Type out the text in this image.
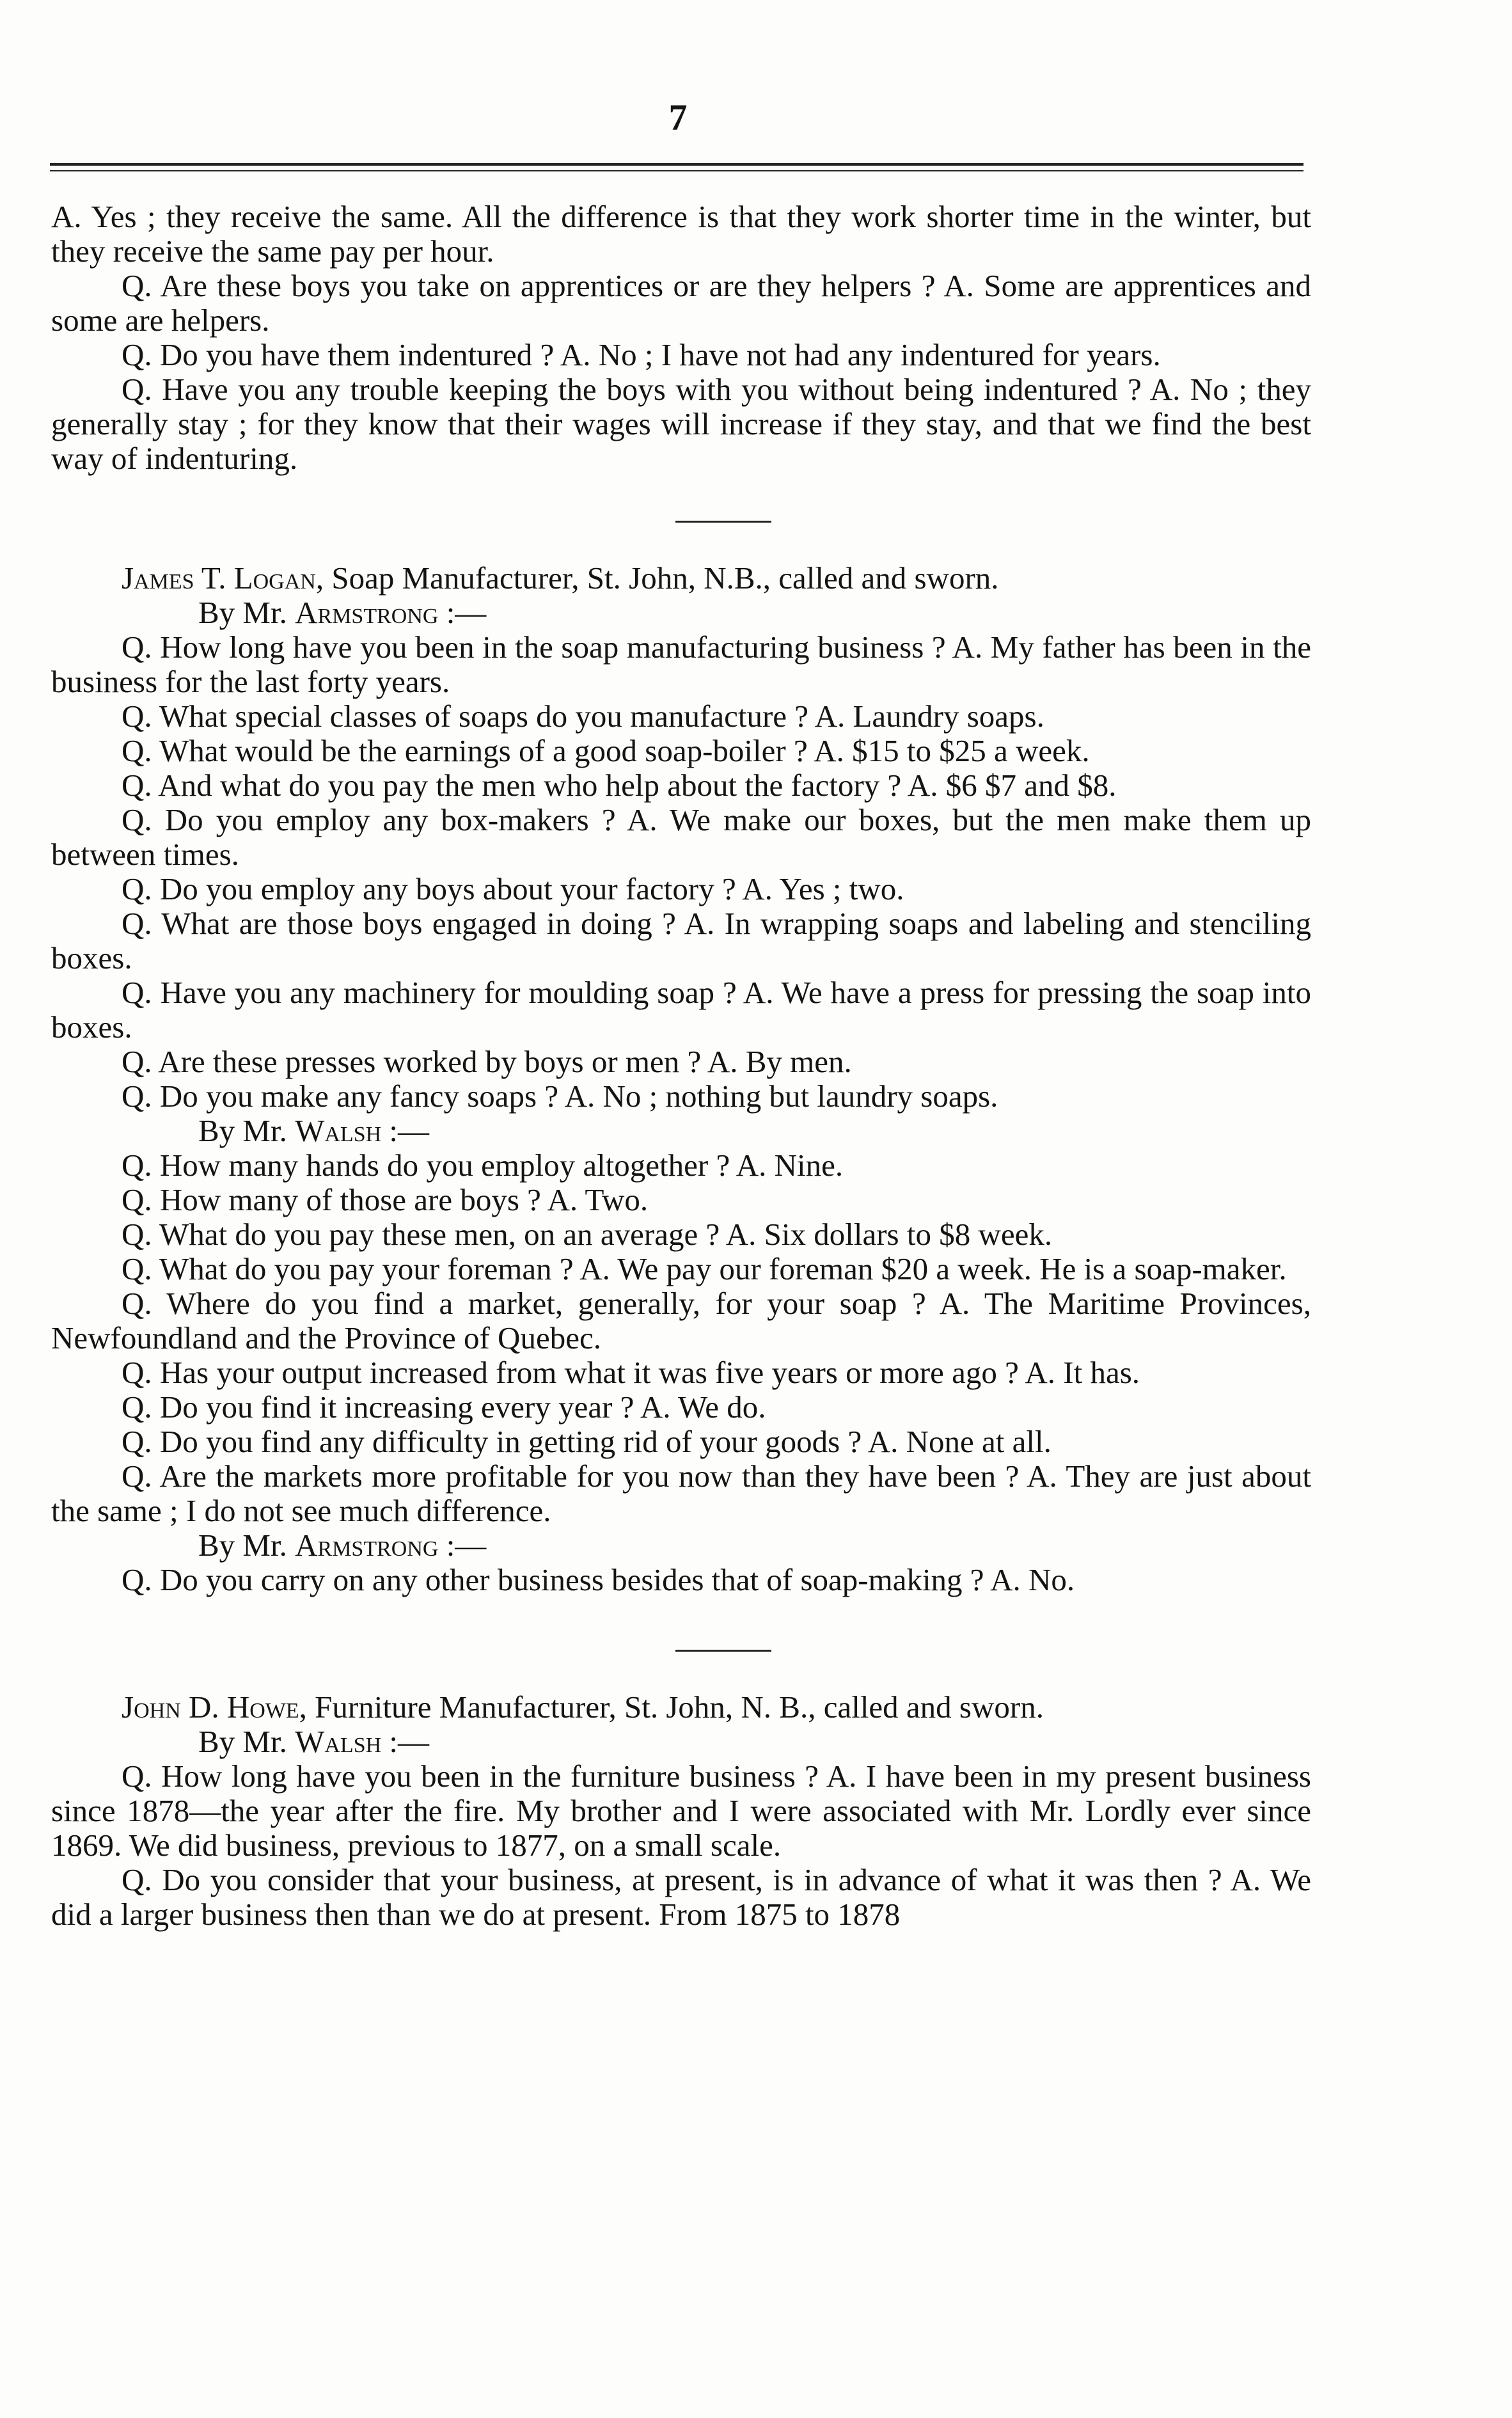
7

A. Yes ; they receive the same. All the difference is that they work shorter time in the winter, but they receive the same pay per hour.

Q. Are these boys you take on apprentices or are they helpers ? A. Some are apprentices and some are helpers.

Q. Do you have them indentured ? A. No ; I have not had any indentured for years.

Q. Have you any trouble keeping the boys with you without being indentured ? A. No ; they generally stay ; for they know that their wages will increase if they stay, and that we find the best way of indenturing.

James T. Logan, Soap Manufacturer, St. John, N.B., called and sworn.

By Mr. Armstrong :—

Q. How long have you been in the soap manufacturing business ? A. My father has been in the business for the last forty years.

Q. What special classes of soaps do you manufacture ? A. Laundry soaps.

Q. What would be the earnings of a good soap-boiler ? A. $15 to $25 a week.

Q. And what do you pay the men who help about the factory ? A. $6 $7 and $8.

Q. Do you employ any box-makers ? A. We make our boxes, but the men make them up between times.

Q. Do you employ any boys about your factory ? A. Yes ; two.

Q. What are those boys engaged in doing ? A. In wrapping soaps and labeling and stenciling boxes.

Q. Have you any machinery for moulding soap ? A. We have a press for pressing the soap into boxes.

Q. Are these presses worked by boys or men ? A. By men.

Q. Do you make any fancy soaps ? A. No ; nothing but laundry soaps.

By Mr. Walsh :—

Q. How many hands do you employ altogether ? A. Nine.

Q. How many of those are boys ? A. Two.

Q. What do you pay these men, on an average ? A. Six dollars to $8 week.

Q. What do you pay your foreman ? A. We pay our foreman $20 a week. He is a soap-maker.

Q. Where do you find a market, generally, for your soap ? A. The Maritime Provinces, Newfoundland and the Province of Quebec.

Q. Has your output increased from what it was five years or more ago ? A. It has.

Q. Do you find it increasing every year ? A. We do.

Q. Do you find any difficulty in getting rid of your goods ? A. None at all.

Q. Are the markets more profitable for you now than they have been ? A. They are just about the same ; I do not see much difference.

By Mr. Armstrong :—

Q. Do you carry on any other business besides that of soap-making ? A. No.

John D. Howe, Furniture Manufacturer, St. John, N. B., called and sworn.

By Mr. Walsh :—

Q. How long have you been in the furniture business ? A. I have been in my present business since 1878—the year after the fire. My brother and I were associated with Mr. Lordly ever since 1869. We did business, previous to 1877, on a small scale.

Q. Do you consider that your business, at present, is in advance of what it was then ? A. We did a larger business then than we do at present. From 1875 to 1878
